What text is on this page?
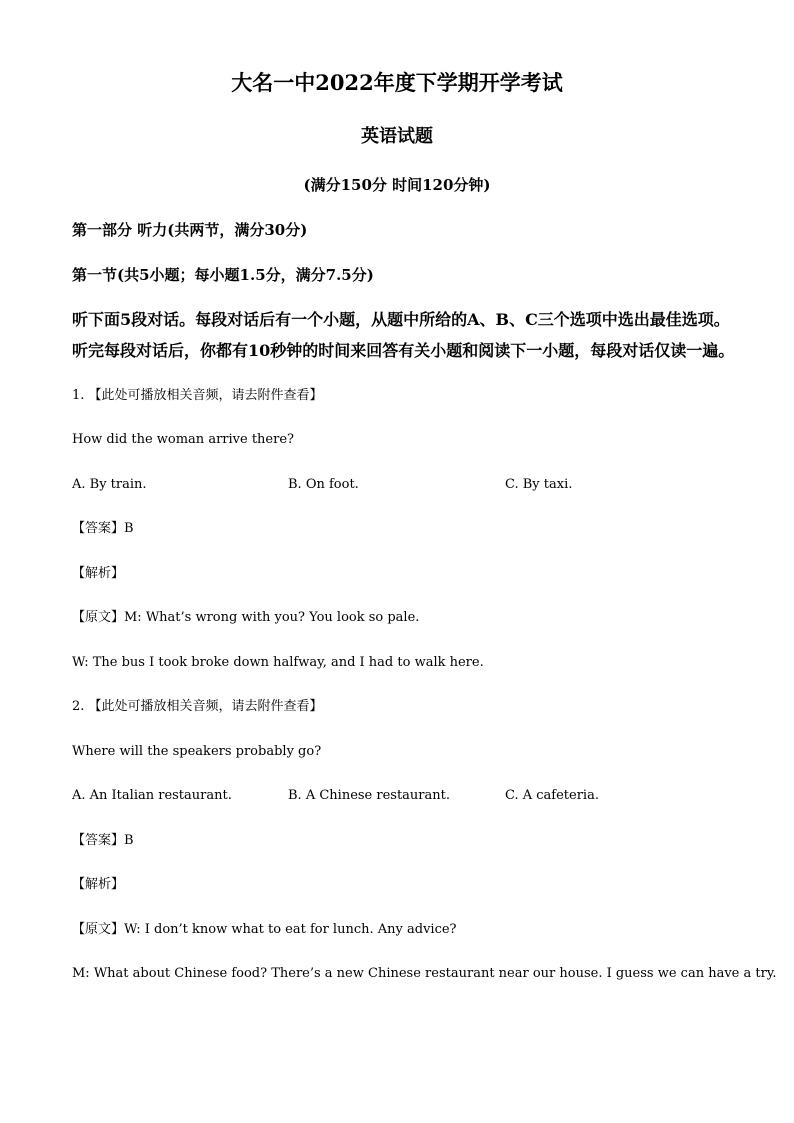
大名一中2022年度下学期开学考试
英语试题
(满分150分 时间120分钟)
第一部分 听力(共两节，满分30分)
第一节(共5小题；每小题1.5分，满分7.5分)
听下面5段对话。每段对话后有一个小题，从题中所给的A、B、C三个选项中选出最佳选项。
听完每段对话后，你都有10秒钟的时间来回答有关小题和阅读下一小题，每段对话仅读一遍。
1. 【此处可播放相关音频，请去附件查看】
How did the woman arrive there?
A. By train.	B. On foot.	C. By taxi.
【答案】B
【解析】
【原文】M: What’s wrong with you? You look so pale.
W: The bus I took broke down halfway, and I had to walk here.
2. 【此处可播放相关音频，请去附件查看】
Where will the speakers probably go?
A. An Italian restaurant.	B. A Chinese restaurant.	C. A cafeteria.
【答案】B
【解析】
【原文】W: I don’t know what to eat for lunch. Any advice?
M: What about Chinese food? There’s a new Chinese restaurant near our house. I guess we can have a try.
